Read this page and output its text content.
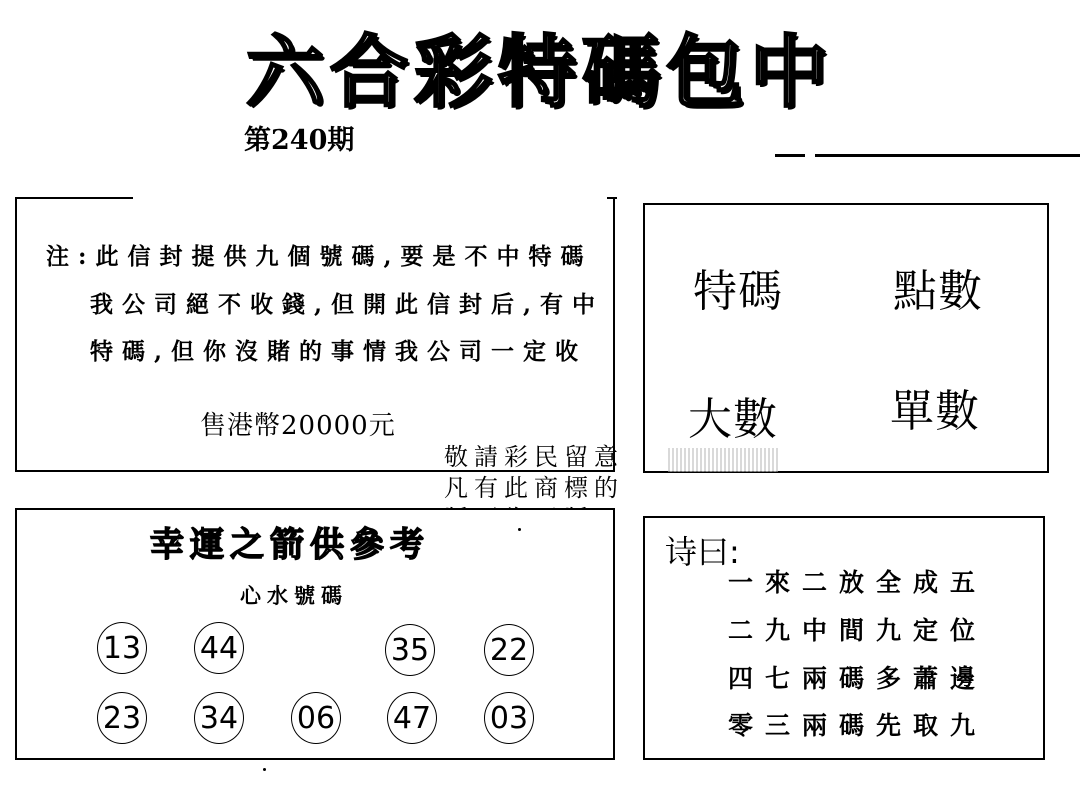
六合彩特碼包中
第240期
注:此信封提供九個號碼,要是不中特碼
我公司絕不收錢,但開此信封后,有中
特碼,但你沒賭的事情我公司一定收
售港幣20000元
特碼	點數
大數	單數
敬請彩民留意
凡有此商標的
幸運之箭供參考
心水號碼
13 44	35 22
23 34 06 47 03
诗曰:
一來二放全成五
二九中間九定位
四七兩碼多蕭邊
零三兩碼先取九
